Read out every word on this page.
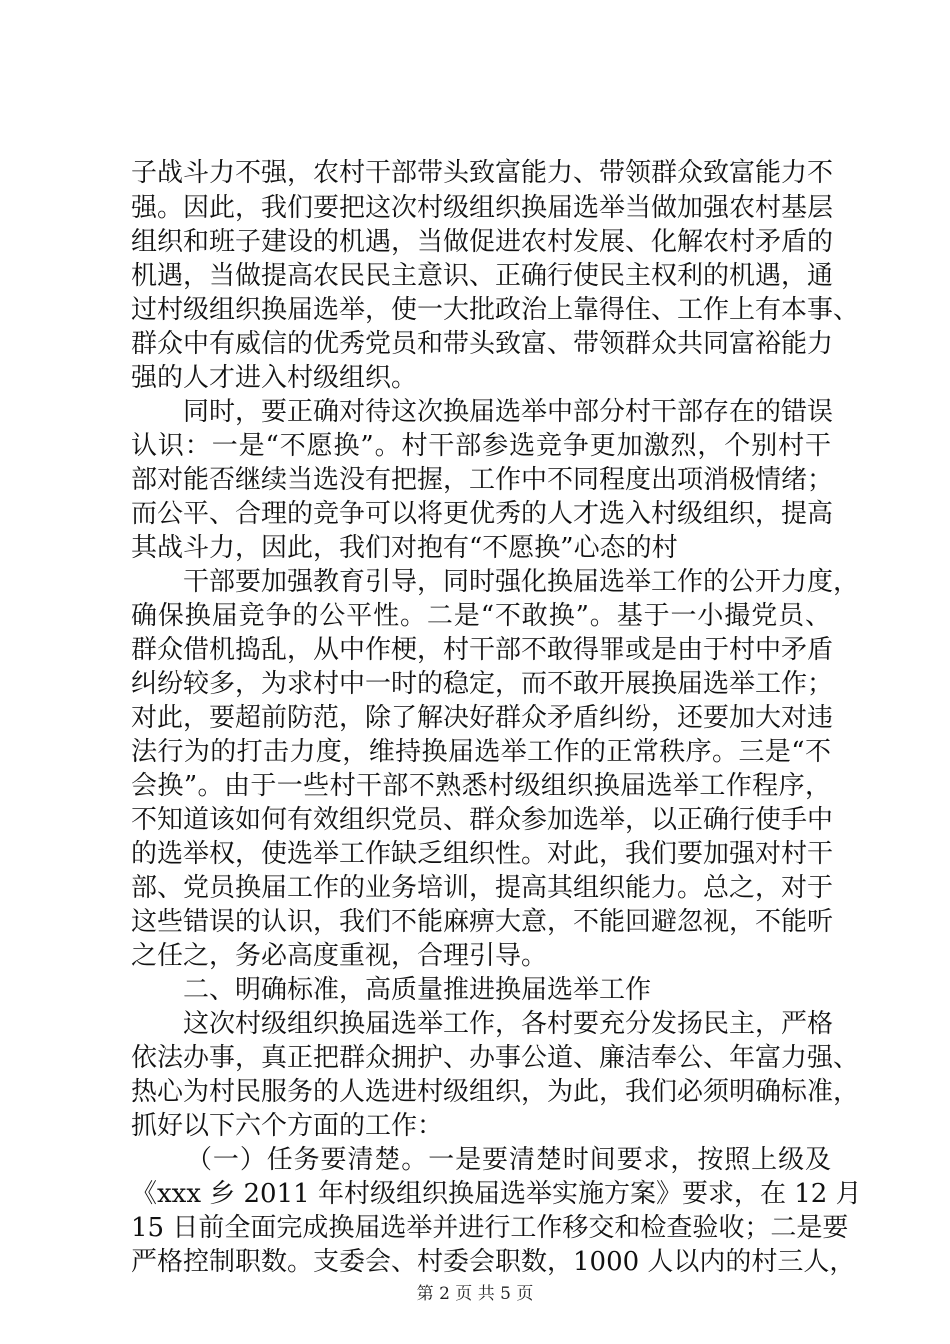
子战斗力不强，农村干部带头致富能力、带领群众致富能力不
强。因此，我们要把这次村级组织换届选举当做加强农村基层
组织和班子建设的机遇，当做促进农村发展、化解农村矛盾的
机遇，当做提高农民民主意识、正确行使民主权利的机遇，通
过村级组织换届选举，使一大批政治上靠得住、工作上有本事、
群众中有威信的优秀党员和带头致富、带领群众共同富裕能力
强的人才进入村级组织。
同时，要正确对待这次换届选举中部分村干部存在的错误
认识：一是“不愿换”。村干部参选竞争更加激烈，个别村干
部对能否继续当选没有把握，工作中不同程度出项消极情绪；
而公平、合理的竞争可以将更优秀的人才选入村级组织，提高
其战斗力，因此，我们对抱有“不愿换”心态的村
干部要加强教育引导，同时强化换届选举工作的公开力度，
确保换届竞争的公平性。二是“不敢换”。基于一小撮党员、
群众借机捣乱，从中作梗，村干部不敢得罪或是由于村中矛盾
纠纷较多，为求村中一时的稳定，而不敢开展换届选举工作；
对此，要超前防范，除了解决好群众矛盾纠纷，还要加大对违
法行为的打击力度，维持换届选举工作的正常秩序。三是“不
会换”。由于一些村干部不熟悉村级组织换届选举工作程序，
不知道该如何有效组织党员、群众参加选举，以正确行使手中
的选举权，使选举工作缺乏组织性。对此，我们要加强对村干
部、党员换届工作的业务培训，提高其组织能力。总之，对于
这些错误的认识，我们不能麻痹大意，不能回避忽视，不能听
之任之，务必高度重视，合理引导。
二、明确标准，高质量推进换届选举工作
这次村级组织换届选举工作，各村要充分发扬民主，严格
依法办事，真正把群众拥护、办事公道、廉洁奉公、年富力强、
热心为村民服务的人选进村级组织，为此，我们必须明确标准，
抓好以下六个方面的工作：
（一）任务要清楚。一是要清楚时间要求，按照上级及
《xxx 乡 2011 年村级组织换届选举实施方案》要求，在 12 月
15 日前全面完成换届选举并进行工作移交和检查验收；二是要
严格控制职数。支委会、村委会职数，1000 人以内的村三人，
第 2 页 共 5 页
